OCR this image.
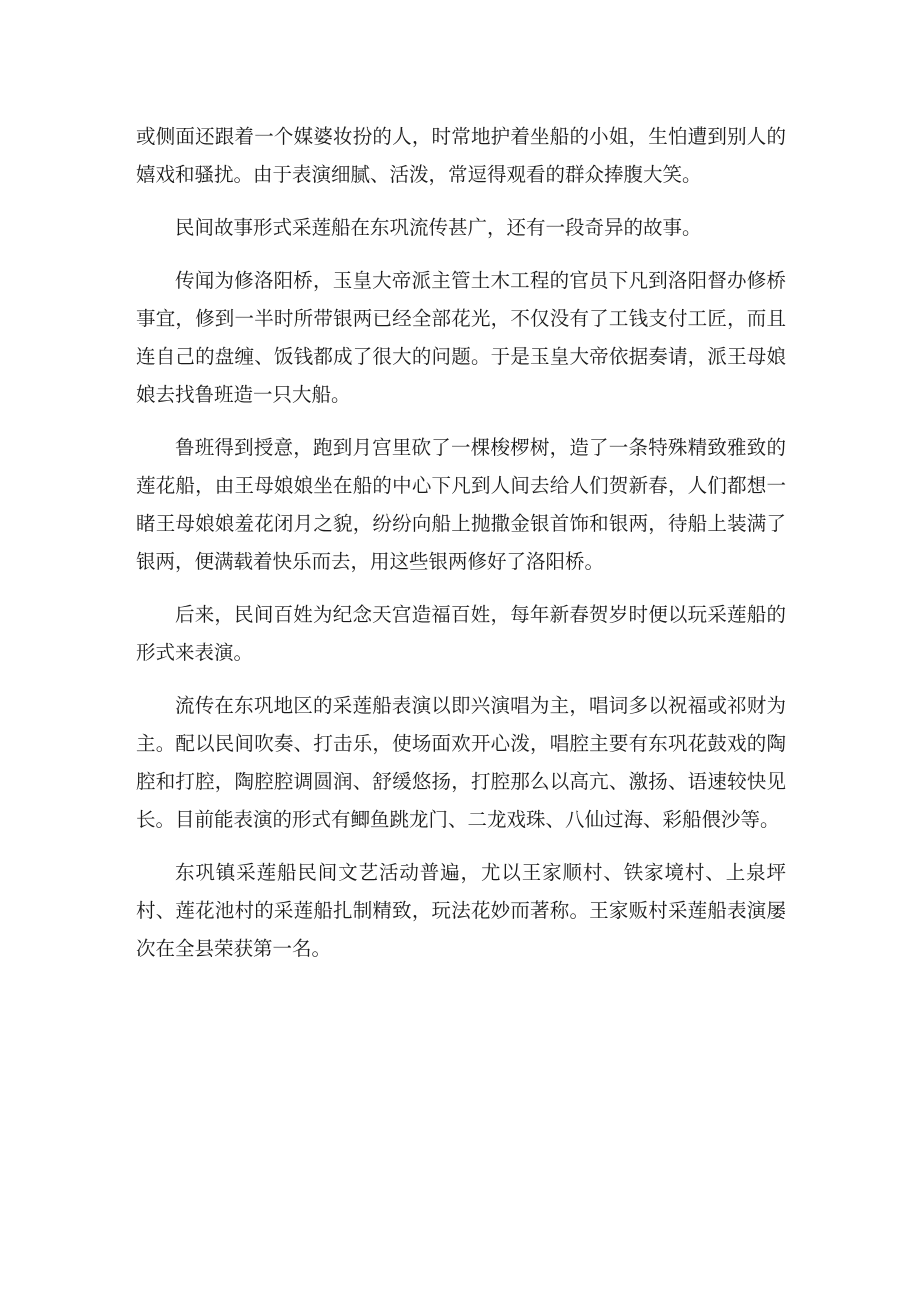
或侧面还跟着一个媒婆妆扮的人，时常地护着坐船的小姐，生怕遭到别人的嬉戏和骚扰。由于表演细腻、活泼，常逗得观看的群众捧腹大笑。

民间故事形式采莲船在东巩流传甚广，还有一段奇异的故事。

传闻为修洛阳桥，玉皇大帝派主管土木工程的官员下凡到洛阳督办修桥事宜，修到一半时所带银两已经全部花光，不仅没有了工钱支付工匠，而且连自己的盘缠、饭钱都成了很大的问题。于是玉皇大帝依据奏请，派王母娘娘去找鲁班造一只大船。

鲁班得到授意，跑到月宫里砍了一棵梭椤树，造了一条特殊精致雅致的莲花船，由王母娘娘坐在船的中心下凡到人间去给人们贺新春，人们都想一睹王母娘娘羞花闭月之貌，纷纷向船上抛撒金银首饰和银两，待船上装满了银两，便满载着快乐而去，用这些银两修好了洛阳桥。

后来，民间百姓为纪念天宫造福百姓，每年新春贺岁时便以玩采莲船的形式来表演。

流传在东巩地区的采莲船表演以即兴演唱为主，唱词多以祝福或祁财为主。配以民间吹奏、打击乐，使场面欢开心泼，唱腔主要有东巩花鼓戏的陶腔和打腔，陶腔腔调圆润、舒缓悠扬，打腔那么以高亢、激扬、语速较快见长。目前能表演的形式有鲫鱼跳龙门、二龙戏珠、八仙过海、彩船偎沙等。

东巩镇采莲船民间文艺活动普遍，尤以王家顺村、铁家境村、上泉坪村、莲花池村的采莲船扎制精致，玩法花妙而著称。王家贩村采莲船表演屡次在全县荣获第一名。
